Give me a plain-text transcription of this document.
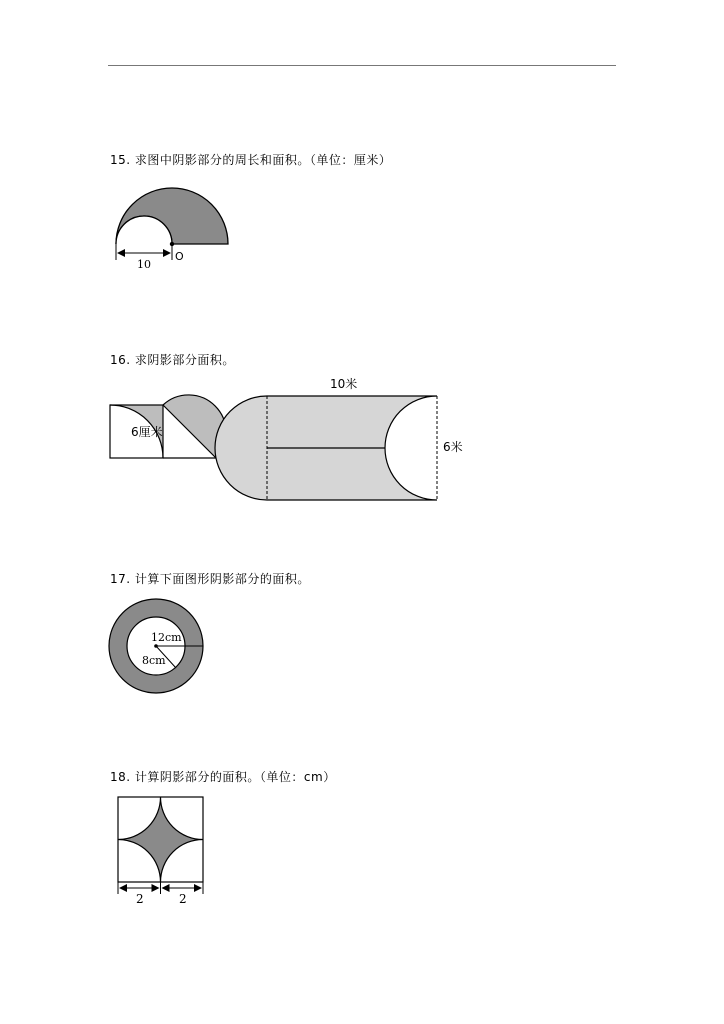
15. 求图中阴影部分的周长和面积。（单位：厘米）
16. 求阴影部分面积。
17. 计算下面图形阴影部分的面积。
18. 计算阴影部分的面积。（单位：cm）
10
O
6厘米
10米
6米
12cm
8cm
2	2
